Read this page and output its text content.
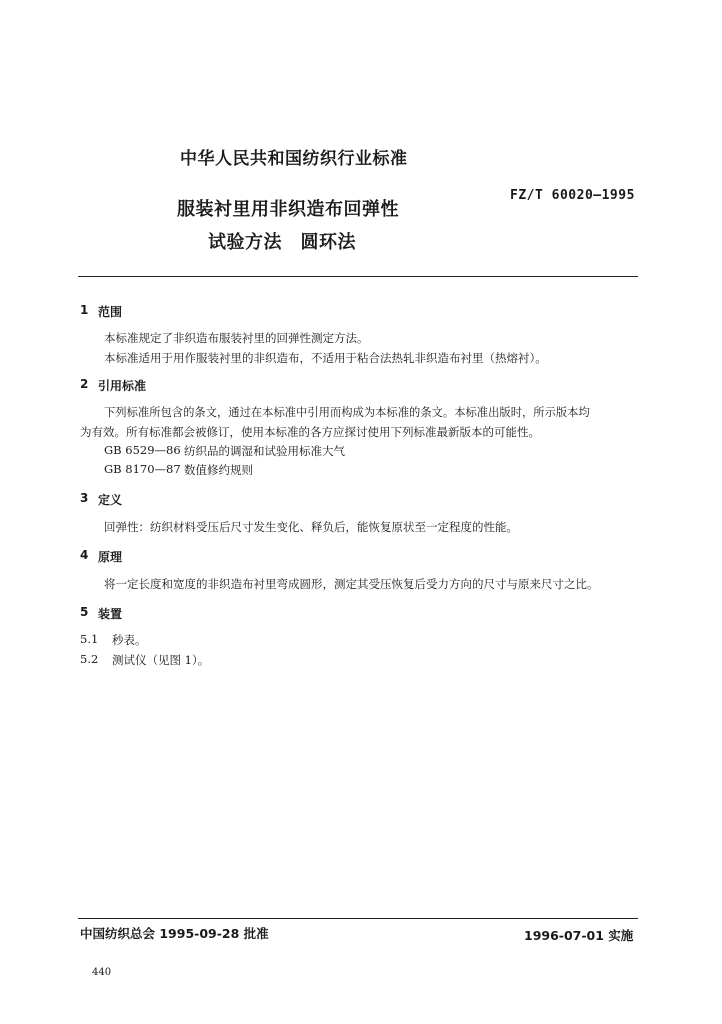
中华人民共和国纺织行业标准
服装衬里用非织造布回弹性
FZ/T 60020—1995
试验方法　圆环法
1 范围
本标准规定了非织造布服装衬里的回弹性测定方法。
本标准适用于用作服装衬里的非织造布，不适用于粘合法热轧非织造布衬里（热熔衬）。
2 引用标准
下列标准所包含的条文，通过在本标准中引用而构成为本标准的条文。本标准出版时，所示版本均
为有效。所有标准都会被修订，使用本标准的各方应探讨使用下列标准最新版本的可能性。
GB 6529—86 纺织品的调湿和试验用标准大气
GB 8170—87 数值修约规则
3 定义
回弹性：纺织材料受压后尺寸发生变化、释负后，能恢复原状至一定程度的性能。
4 原理
将一定长度和宽度的非织造布衬里弯成圆形，测定其受压恢复后受力方向的尺寸与原来尺寸之比。
5 装置
5.1 秒表。
5.2 测试仪（见图 1）。
中国纺织总会 1995-09-28 批准	1996-07-01 实施
440
